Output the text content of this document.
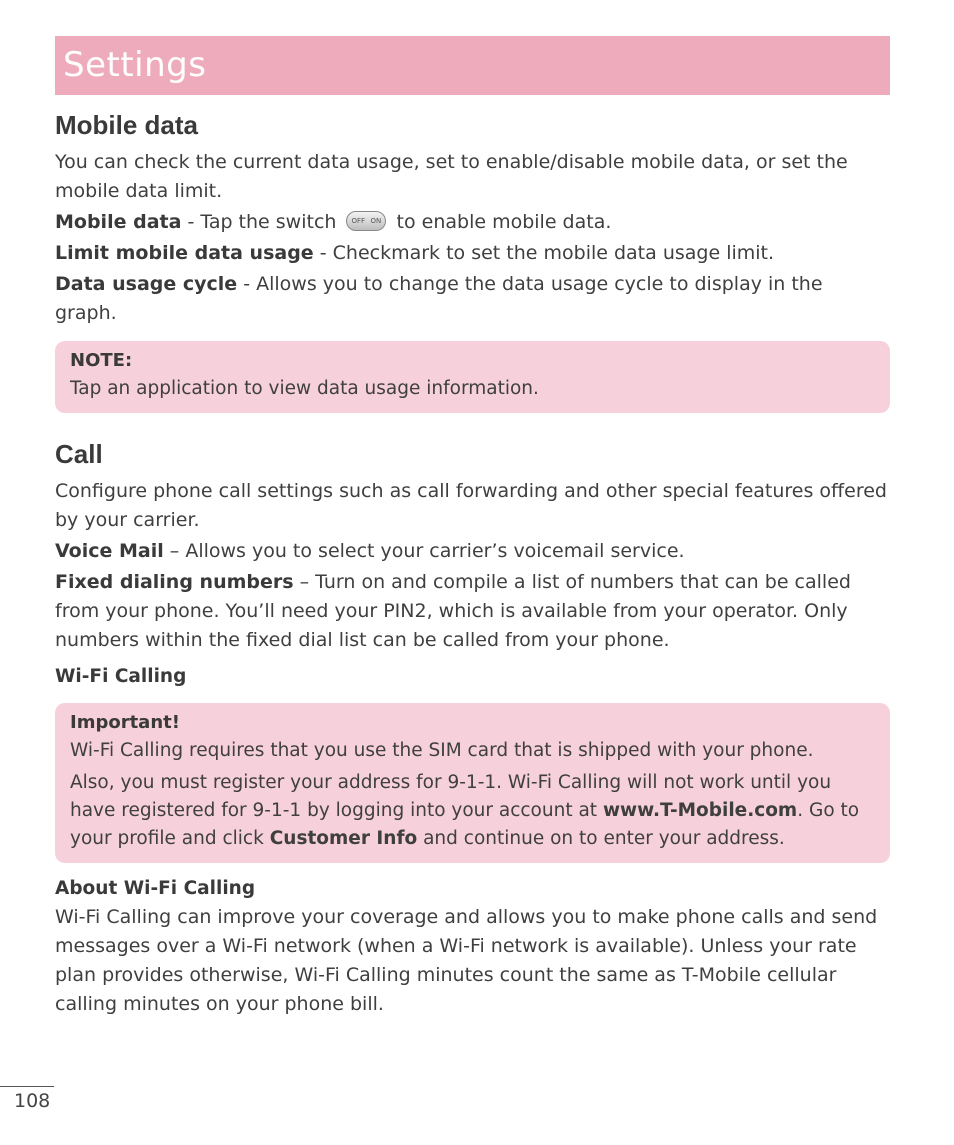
Settings
Mobile data

You can check the current data usage, set to enable/disable mobile data, or set the mobile data limit.

Mobile data - Tap the switch OFF ON to enable mobile data.

Limit mobile data usage - Checkmark to set the mobile data usage limit.

Data usage cycle - Allows you to change the data usage cycle to display in the graph.

NOTE:

Tap an application to view data usage information.

Call

Configure phone call settings such as call forwarding and other special features offered by your carrier.

Voice Mail – Allows you to select your carrier’s voicemail service.

Fixed dialing numbers – Turn on and compile a list of numbers that can be called from your phone. You’ll need your PIN2, which is available from your operator. Only numbers within the fixed dial list can be called from your phone.

Wi-Fi Calling
Important!

Wi-Fi Calling requires that you use the SIM card that is shipped with your phone.

Also, you must register your address for 9-1-1. Wi-Fi Calling will not work until you have registered for 9-1-1 by logging into your account at www.T-Mobile.com. Go to your profile and click Customer Info and continue on to enter your address.

About Wi-Fi Calling

Wi-Fi Calling can improve your coverage and allows you to make phone calls and send messages over a Wi-Fi network (when a Wi-Fi network is available). Unless your rate plan provides otherwise, Wi-Fi Calling minutes count the same as T-Mobile cellular calling minutes on your phone bill.

108
